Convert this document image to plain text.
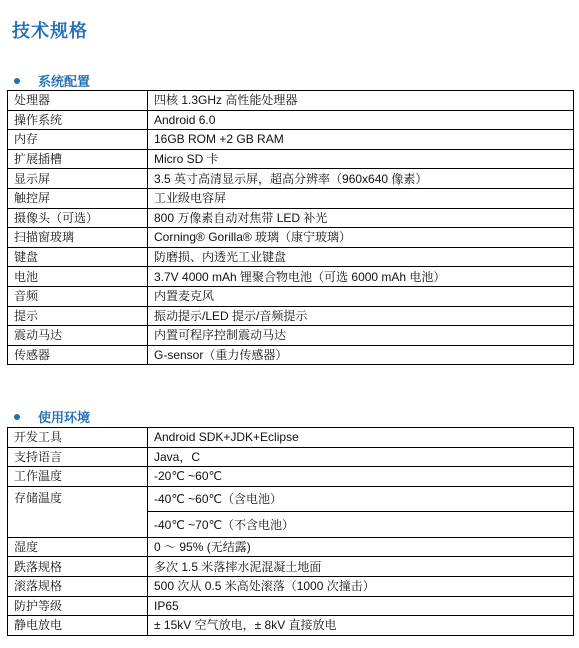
技术规格
系统配置
处理器	四核 1.3GHz 高性能处理器
操作系统	Android 6.0
内存	16GB ROM +2 GB RAM
扩展插槽	Micro SD 卡
显示屏	3.5 英寸高清显示屏，超高分辨率（960x640 像素）
触控屏	工业级电容屏
摄像头（可选）	800 万像素自动对焦带 LED 补光
扫描窗玻璃	Corning® Gorilla® 玻璃（康宁玻璃）
键盘	防磨损、内透光工业键盘
电池	3.7V 4000 mAh 锂聚合物电池（可选 6000 mAh 电池）
音频	内置麦克风
提示	振动提示/LED 提示/音频提示
震动马达	内置可程序控制震动马达
传感器	G-sensor（重力传感器）
使用环境
开发工具	Android SDK+JDK+Eclipse
支持语言	Java，C
工作温度	-20℃ ~60℃
存储温度	-40℃ ~60℃（含电池）
	-40℃ ~70℃（不含电池）
湿度	0 ～ 95% (无结露)
跌落规格	多次 1.5 米落摔水泥混凝土地面
滚落规格	500 次从 0.5 米高处滚落（1000 次撞击）
防护等级	IP65
静电放电	± 15kV 空气放电，± 8kV 直接放电
